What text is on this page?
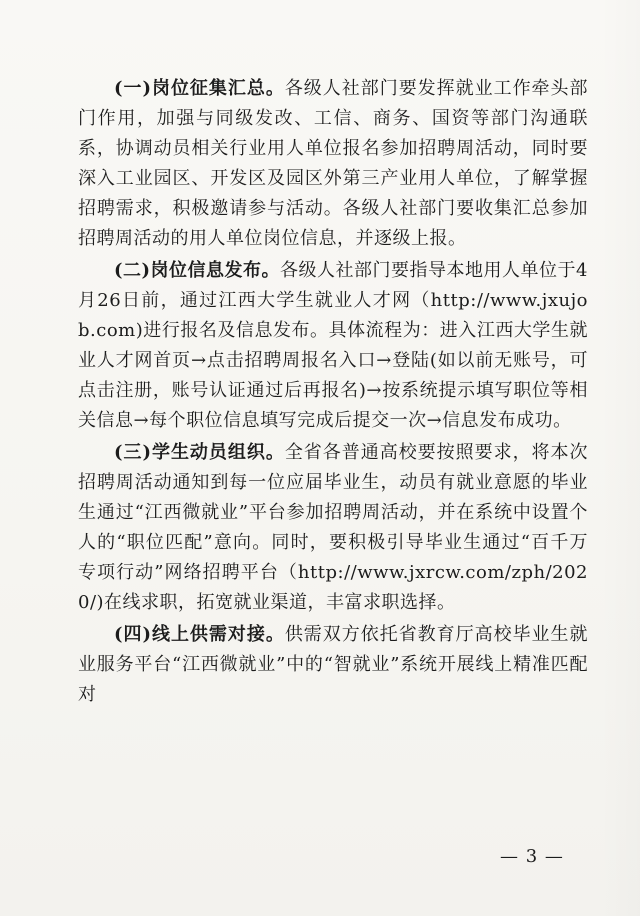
(一)岗位征集汇总。各级人社部门要发挥就业工作牵头部门作用，加强与同级发改、工信、商务、国资等部门沟通联系，协调动员相关行业用人单位报名参加招聘周活动，同时要深入工业园区、开发区及园区外第三产业用人单位，了解掌握招聘需求，积极邀请参与活动。各级人社部门要收集汇总参加招聘周活动的用人单位岗位信息，并逐级上报。

(二)岗位信息发布。各级人社部门要指导本地用人单位于4月26日前，通过江西大学生就业人才网（http://www.jxujob.com)进行报名及信息发布。具体流程为：进入江西大学生就业人才网首页→点击招聘周报名入口→登陆(如以前无账号，可点击注册，账号认证通过后再报名)→按系统提示填写职位等相关信息→每个职位信息填写完成后提交一次→信息发布成功。

(三)学生动员组织。全省各普通高校要按照要求，将本次招聘周活动通知到每一位应届毕业生，动员有就业意愿的毕业生通过“江西微就业”平台参加招聘周活动，并在系统中设置个人的“职位匹配”意向。同时，要积极引导毕业生通过“百千万专项行动”网络招聘平台（http://www.jxrcw.com/zph/2020/)在线求职，拓宽就业渠道，丰富求职选择。

(四)线上供需对接。供需双方依托省教育厅高校毕业生就业服务平台“江西微就业”中的“智就业”系统开展线上精准匹配对

— 3 —
